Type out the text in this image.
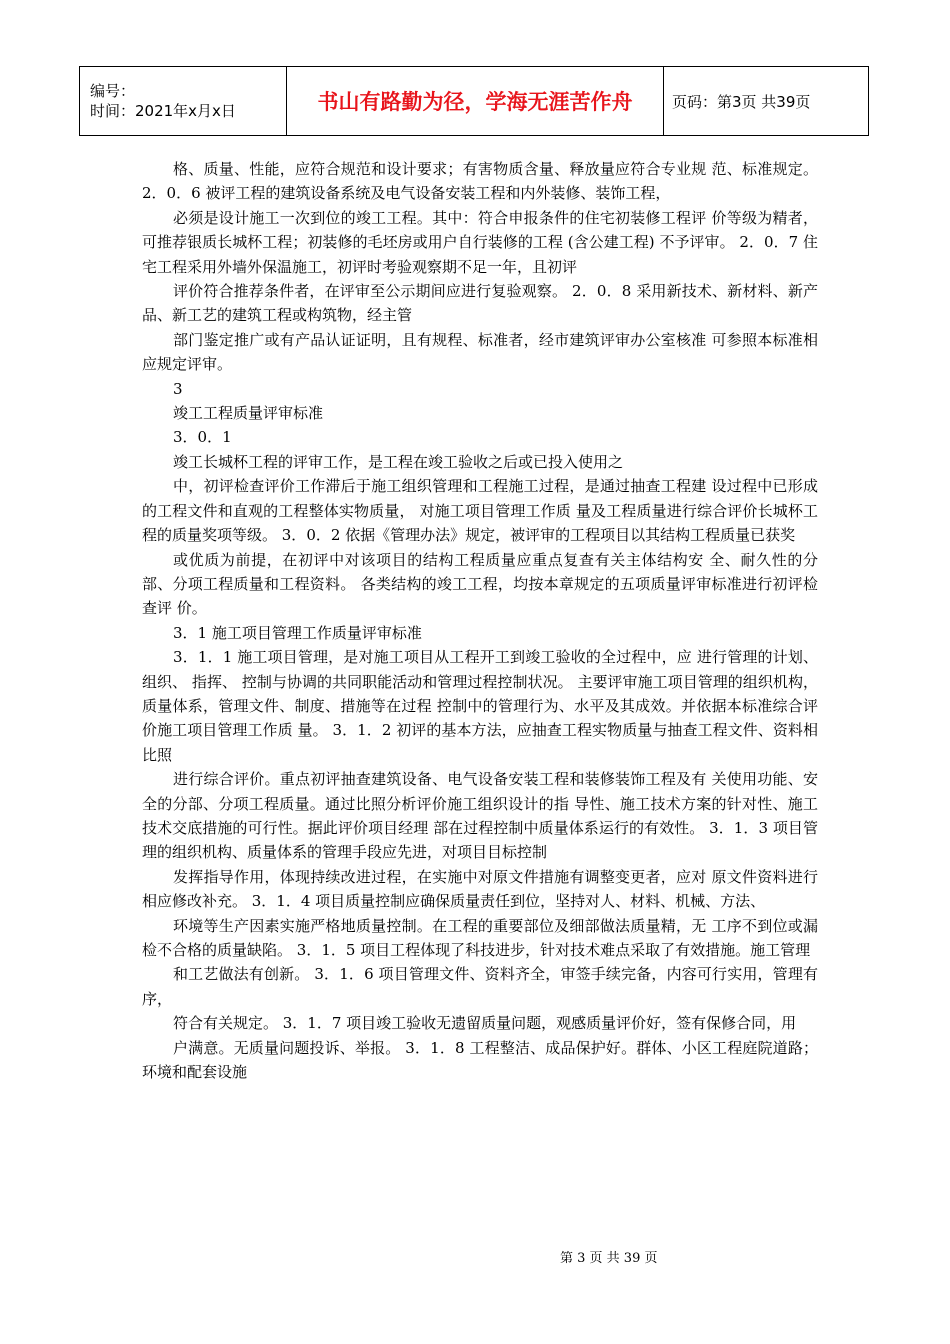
编号：
时间：2021年x月x日	书山有路勤为径，学海无涯苦作舟	页码：第3页 共39页

格、质量、性能，应符合规范和设计要求；有害物质含量、释放量应符合专业规 范、标准规定。 2．0．6 被评工程的建筑设备系统及电气设备安装工程和内外装修、装饰工程，

必须是设计施工一次到位的竣工工程。其中：符合申报条件的住宅初装修工程评 价等级为精者，可推荐银质长城杯工程；初装修的毛坯房或用户自行装修的工程 (含公建工程) 不予评审。 2．0．7 住宅工程采用外墙外保温施工，初评时考验观察期不足一年，且初评

评价符合推荐条件者，在评审至公示期间应进行复验观察。 2．0．8 采用新技术、新材料、新产品、新工艺的建筑工程或构筑物，经主管

部门鉴定推广或有产品认证证明，且有规程、标准者，经市建筑评审办公室核准 可参照本标准相应规定评审。

3

竣工工程质量评审标准

3．0．1

竣工长城杯工程的评审工作，是工程在竣工验收之后或已投入使用之

中，初评检查评价工作滞后于施工组织管理和工程施工过程，是通过抽查工程建 设过程中已形成的工程文件和直观的工程整体实物质量， 对施工项目管理工作质 量及工程质量进行综合评价长城杯工程的质量奖项等级。 3．0．2 依据《管理办法》规定，被评审的工程项目以其结构工程质量已获奖

或优质为前提，在初评中对该项目的结构工程质量应重点复查有关主体结构安 全、耐久性的分部、分项工程质量和工程资料。 各类结构的竣工工程，均按本章规定的五项质量评审标准进行初评检查评 价。

3．1 施工项目管理工作质量评审标准

3．1．1 施工项目管理，是对施工项目从工程开工到竣工验收的全过程中，应 进行管理的计划、 组织、 指挥、 控制与协调的共同职能活动和管理过程控制状况。 主要评审施工项目管理的组织机构，质量体系，管理文件、制度、措施等在过程 控制中的管理行为、水平及其成效。并依据本标准综合评价施工项目管理工作质 量。 3．1．2 初评的基本方法，应抽查工程实物质量与抽查工程文件、资料相比照

进行综合评价。重点初评抽查建筑设备、电气设备安装工程和装修装饰工程及有 关使用功能、安全的分部、分项工程质量。通过比照分析评价施工组织设计的指 导性、施工技术方案的针对性、施工技术交底措施的可行性。据此评价项目经理 部在过程控制中质量体系运行的有效性。 3．1．3 项目管理的组织机构、质量体系的管理手段应先进，对项目目标控制

发挥指导作用，体现持续改进过程，在实施中对原文件措施有调整变更者，应对 原文件资料进行相应修改补充。 3．1．4 项目质量控制应确保质量责任到位，坚持对人、材料、机械、方法、

环境等生产因素实施严格地质量控制。在工程的重要部位及细部做法质量精，无 工序不到位或漏检不合格的质量缺陷。 3．1．5 项目工程体现了科技进步，针对技术难点采取了有效措施。施工管理

和工艺做法有创新。 3．1．6 项目管理文件、资料齐全，审签手续完备，内容可行实用，管理有序，

符合有关规定。 3．1．7 项目竣工验收无遗留质量问题，观感质量评价好，签有保修合同，用

户满意。无质量问题投诉、举报。 3．1．8 工程整洁、成品保护好。群体、小区工程庭院道路；环境和配套设施

第 3 页 共 39 页
